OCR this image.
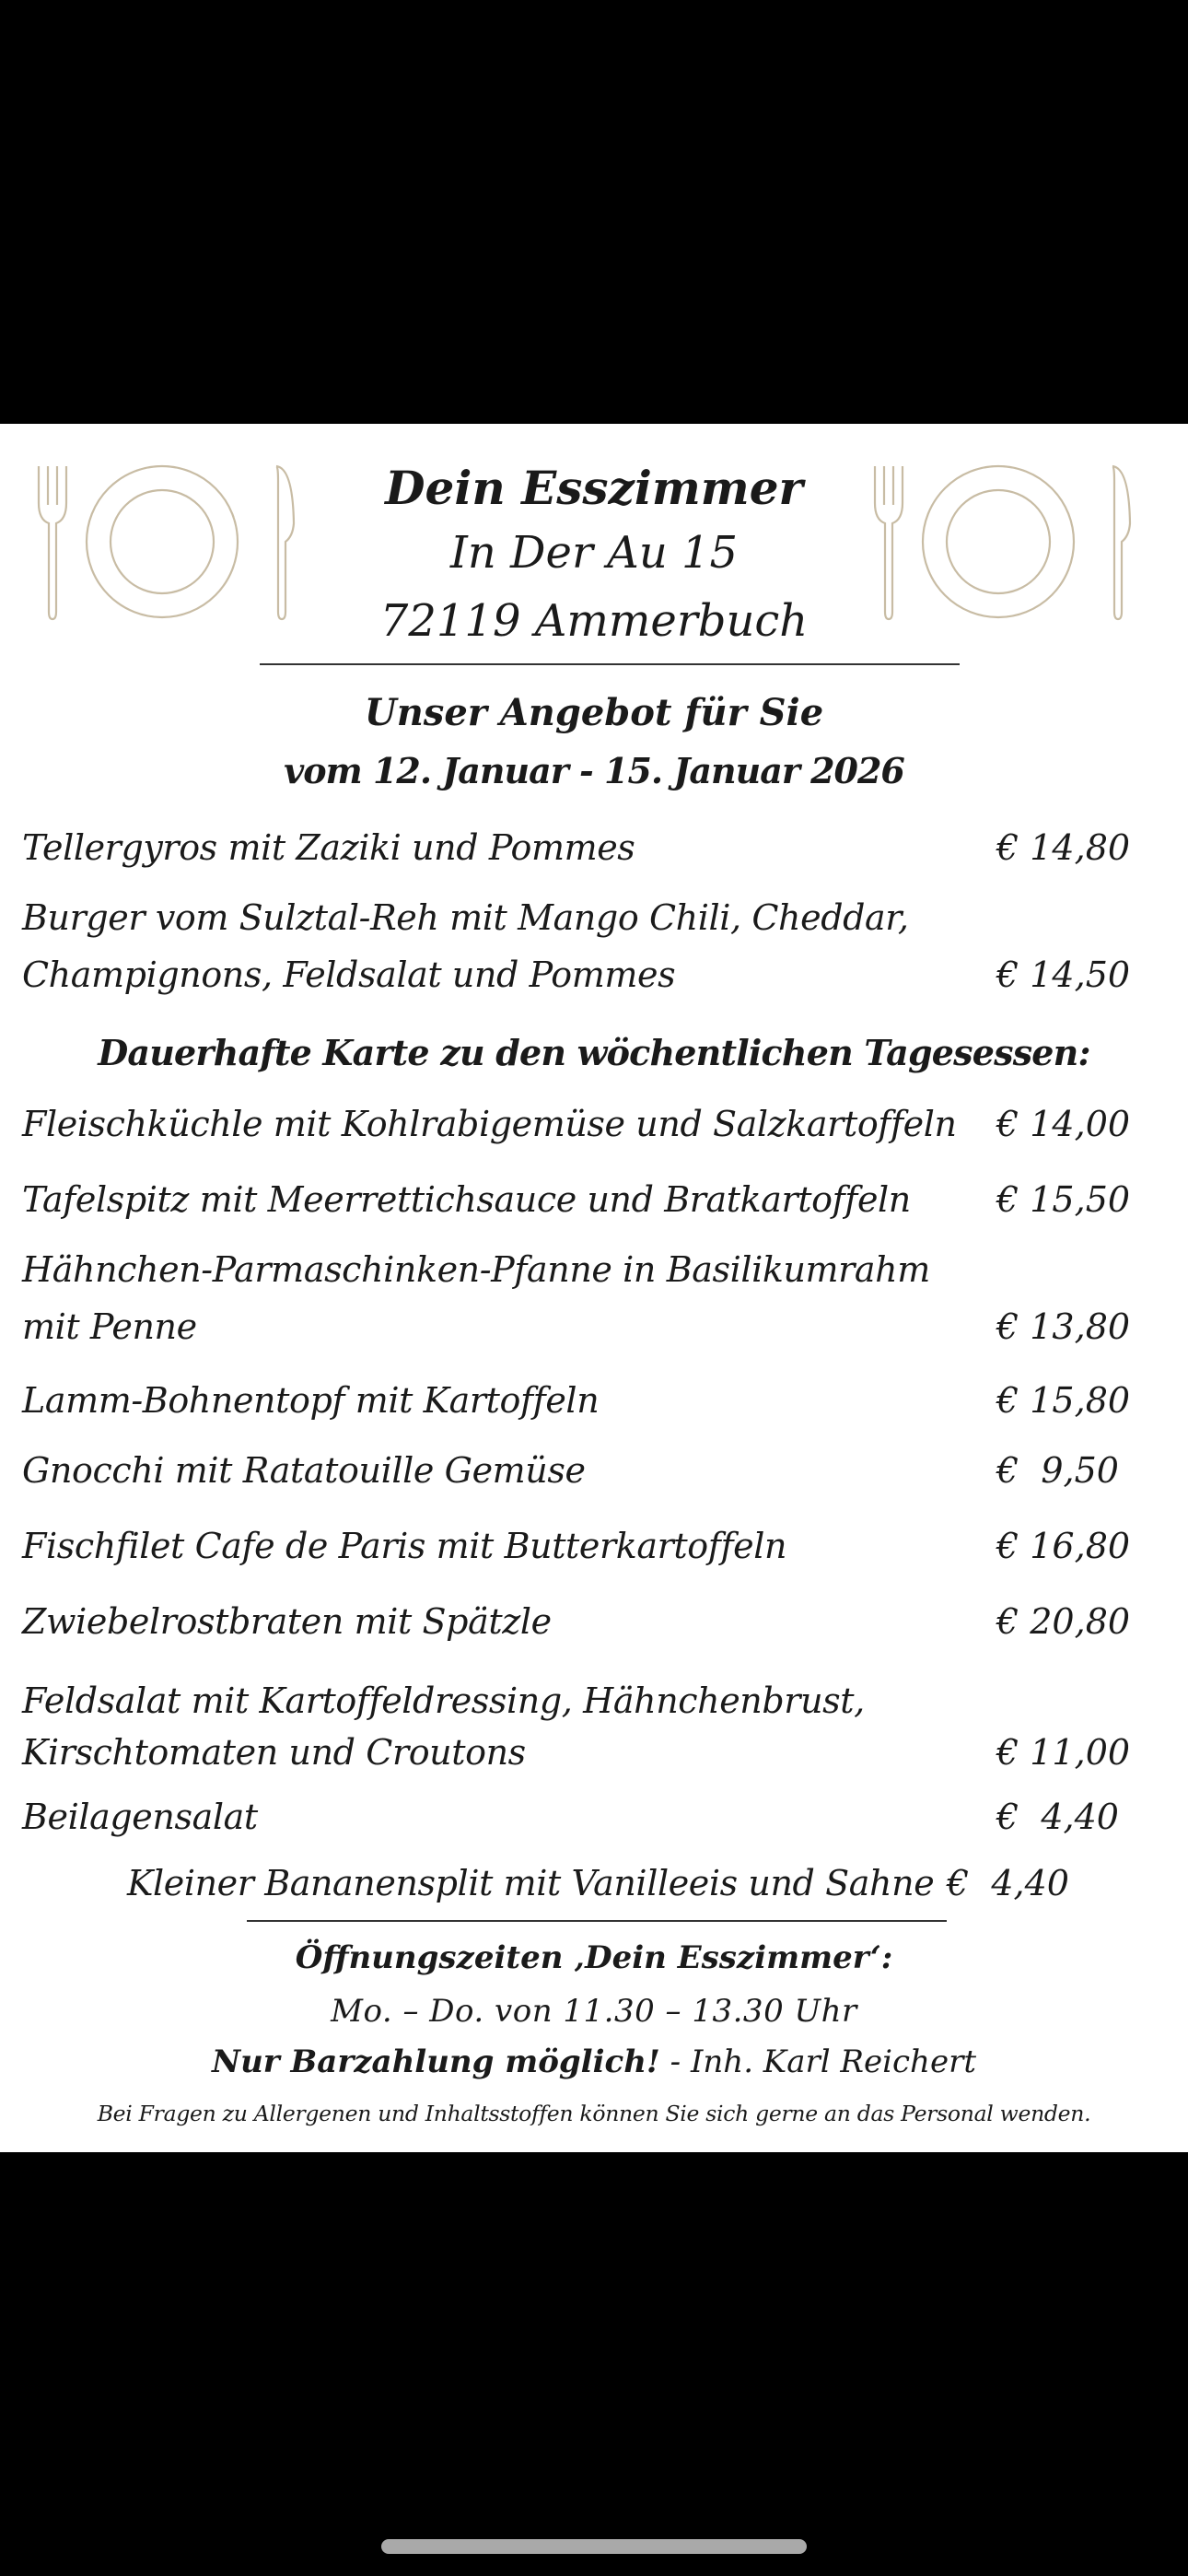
Dein Esszimmer
In Der Au 15
72119 Ammerbuch
Unser Angebot für Sie
vom 12. Januar - 15. Januar 2026
Tellergyros mit Zaziki und Pommes	€ 14,80
Burger vom Sulztal-Reh mit Mango Chili, Cheddar,
Champignons, Feldsalat und Pommes	€ 14,50
Dauerhafte Karte zu den wöchentlichen Tagesessen:
Fleischküchle mit Kohlrabigemüse und Salzkartoffeln € 14,00
Tafelspitz mit Meerrettichsauce und Bratkartoffeln € 15,50
Hähnchen-Parmaschinken-Pfanne in Basilikumrahm
mit Penne	€ 13,80
Lamm-Bohnentopf mit Kartoffeln	€ 15,80
Gnocchi mit Ratatouille Gemüse	€  9,50
Fischfilet Cafe de Paris mit Butterkartoffeln	€ 16,80
Zwiebelrostbraten mit Spätzle	€ 20,80
Feldsalat mit Kartoffeldressing, Hähnchenbrust,
Kirschtomaten und Croutons	€ 11,00
Beilagensalat	€  4,40
Kleiner Bananensplit mit Vanilleeis und Sahne €  4,40
Öffnungszeiten ‚Dein Esszimmer‘:
Mo. – Do. von 11.30 – 13.30 Uhr
Nur Barzahlung möglich! - Inh. Karl Reichert
Bei Fragen zu Allergenen und Inhaltsstoffen können Sie sich gerne an das Personal wenden.
